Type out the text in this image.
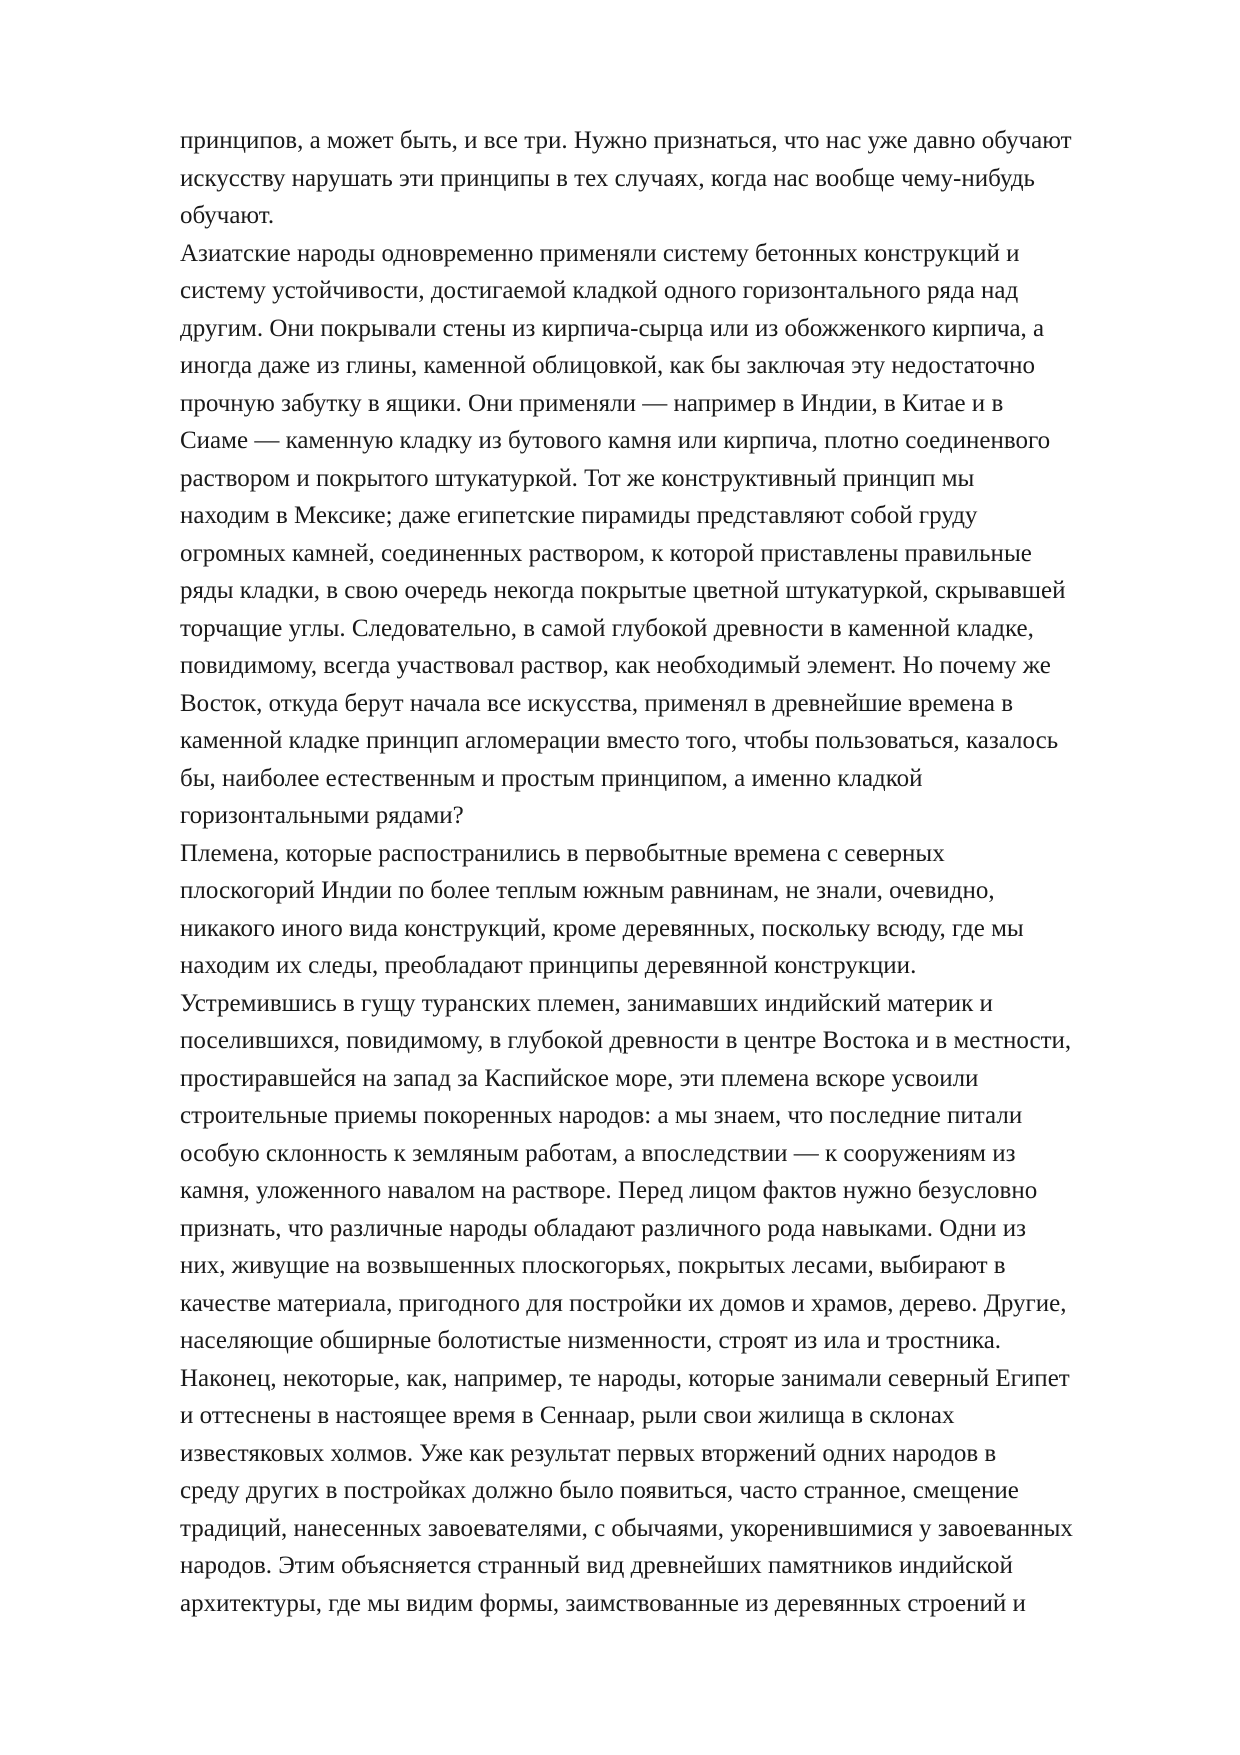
принципов, а может быть, и все три. Нужно признаться, что нас уже давно обучают
искусству нарушать эти принципы в тех случаях, когда нас вообще чему-нибудь
обучают.
Азиатские народы одновременно применяли систему бетонных конструкций и
систему устойчивости, достигаемой кладкой одного горизонтального ряда над
другим. Они покрывали стены из кирпича-сырца или из обожженкого кирпича, а
иногда даже из глины, каменной облицовкой, как бы заключая эту недостаточно
прочную забутку в ящики. Они применяли — например в Индии, в Китае и в
Сиаме — каменную кладку из бутового камня или кирпича, плотно соединенвого
раствором и покрытого штукатуркой. Тот же конструктивный принцип мы
находим в Мексике; даже египетские пирамиды представляют собой груду
огромных камней, соединенных раствором, к которой приставлены правильные
ряды кладки, в свою очередь некогда покрытые цветной штукатуркой, скрывавшей
торчащие углы. Следовательно, в самой глубокой древности в каменной кладке,
повидимому, всегда участвовал раствор, как необходимый элемент. Но почему же
Восток, откуда берут начала все искусства, применял в древнейшие времена в
каменной кладке принцип агломерации вместо того, чтобы пользоваться, казалось
бы, наиболее естественным и простым принципом, а именно кладкой
горизонтальными рядами?
Племена, которые распостранились в первобытные времена с северных
плоскогорий Индии по более теплым южным равнинам, не знали, очевидно,
никакого иного вида конструкций, кроме деревянных, поскольку всюду, где мы
находим их следы, преобладают принципы деревянной конструкции.
Устремившись в гущу туранских племен, занимавших индийский материк и
поселившихся, повидимому, в глубокой древности в центре Востока и в местности,
простиравшейся на запад за Каспийское море, эти племена вскоре усвоили
строительные приемы покоренных народов: а мы знаем, что последние питали
особую склонность к земляным работам, а впоследствии — к сооружениям из
камня, уложенного навалом на растворе. Перед лицом фактов нужно безусловно
признать, что различные народы обладают различного рода навыками. Одни из
них, живущие на возвышенных плоскогорьях, покрытых лесами, выбирают в
качестве материала, пригодного для постройки их домов и храмов, дерево. Другие,
населяющие обширные болотистые низменности, строят из ила и тростника.
Наконец, некоторые, как, например, те народы, которые занимали северный Египет
и оттеснены в настоящее время в Сеннаар, рыли свои жилища в склонах
известяковых холмов. Уже как результат первых вторжений одних народов в
среду других в постройках должно было появиться, часто странное, смещение
традиций, нанесенных завоевателями, с обычаями, укоренившимися у завоеванных
народов. Этим объясняется странный вид древнейших памятников индийской
архитектуры, где мы видим формы, заимствованные из деревянных строений и
